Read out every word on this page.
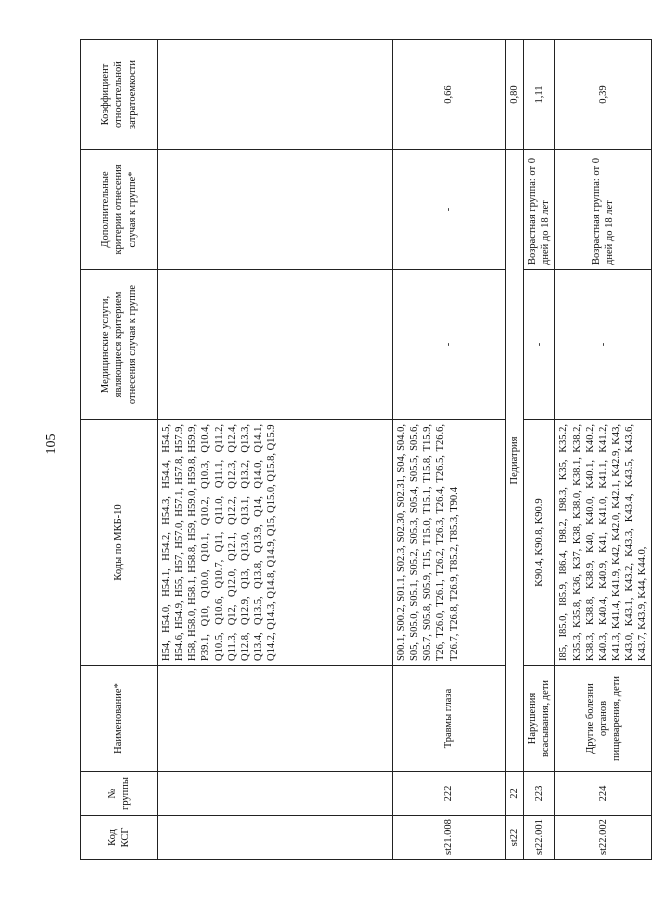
105
Код КСГ	№ группы	Наименование*	Коды по МКБ-10	Медицинские услуги, являющиеся критерием отнесения случая к группе	Дополнительные критерии отнесения случая к группе*	Коэффициент относительной затратоемкости
			H54, H54.0, H54.1, H54.2, H54.3, H54.4, H54.5, H54.6, H54.9, H55, H57, H57.0, H57.1, H57.8, H57.9, H58, H58.0, H58.1, H58.8, H59, H59.0, H59.8, H59.9, P39.1, Q10, Q10.0, Q10.1, Q10.2, Q10.3, Q10.4, Q10.5, Q10.6, Q10.7, Q11, Q11.0, Q11.1, Q11.2, Q11.3, Q12, Q12.0, Q12.1, Q12.2, Q12.3, Q12.4, Q12.8, Q12.9, Q13, Q13.0, Q13.1, Q13.2, Q13.3, Q13.4, Q13.5, Q13.8, Q13.9, Q14, Q14.0, Q14.1, Q14.2, Q14.3, Q14.8, Q14.9, Q15, Q15.0, Q15.8, Q15.9			
st21.008	222	Травмы глаза	S00.1, S00.2, S01.1, S02.3, S02.30, S02.31, S04, S04.0, S05, S05.0, S05.1, S05.2, S05.3, S05.4, S05.5, S05.6, S05.7, S05.8, S05.9, T15, T15.0, T15.1, T15.8, T15.9, T26, T26.0, T26.1, T26.2, T26.3, T26.4, T26.5, T26.6, T26.7, T26.8, T26.9, T85.2, T85.3, T90.4	-	-	0,66
st22	22	Педиатрия				0,80
st22.001	223	Нарушения всасывания, дети	K90.4, K90.8, K90.9	-	Возрастная группа: от 0 дней до 18 лет	1,11
st22.002	224	Другие болезни органов пищеварения, дети	I85, I85.0, I85.9, I86.4, I98.2, I98.3, K35, K35.2, K35.3, K35.8, K36, K37, K38, K38.0, K38.1, K38.2, K38.3, K38.8, K38.9, K40, K40.0, K40.1, K40.2, K40.3, K40.4, K40.9, K41, K41.0, K41.1, K41.2, K41.3, K41.4, K41.9, K42, K42.0, K42.1, K42.9, K43, K43.0, K43.1, K43.2, K43.3, K43.4, K43.5, K43.6, K43.7, K43.9, K44, K44.0,	-	Возрастная группа: от 0 дней до 18 лет	0,39
